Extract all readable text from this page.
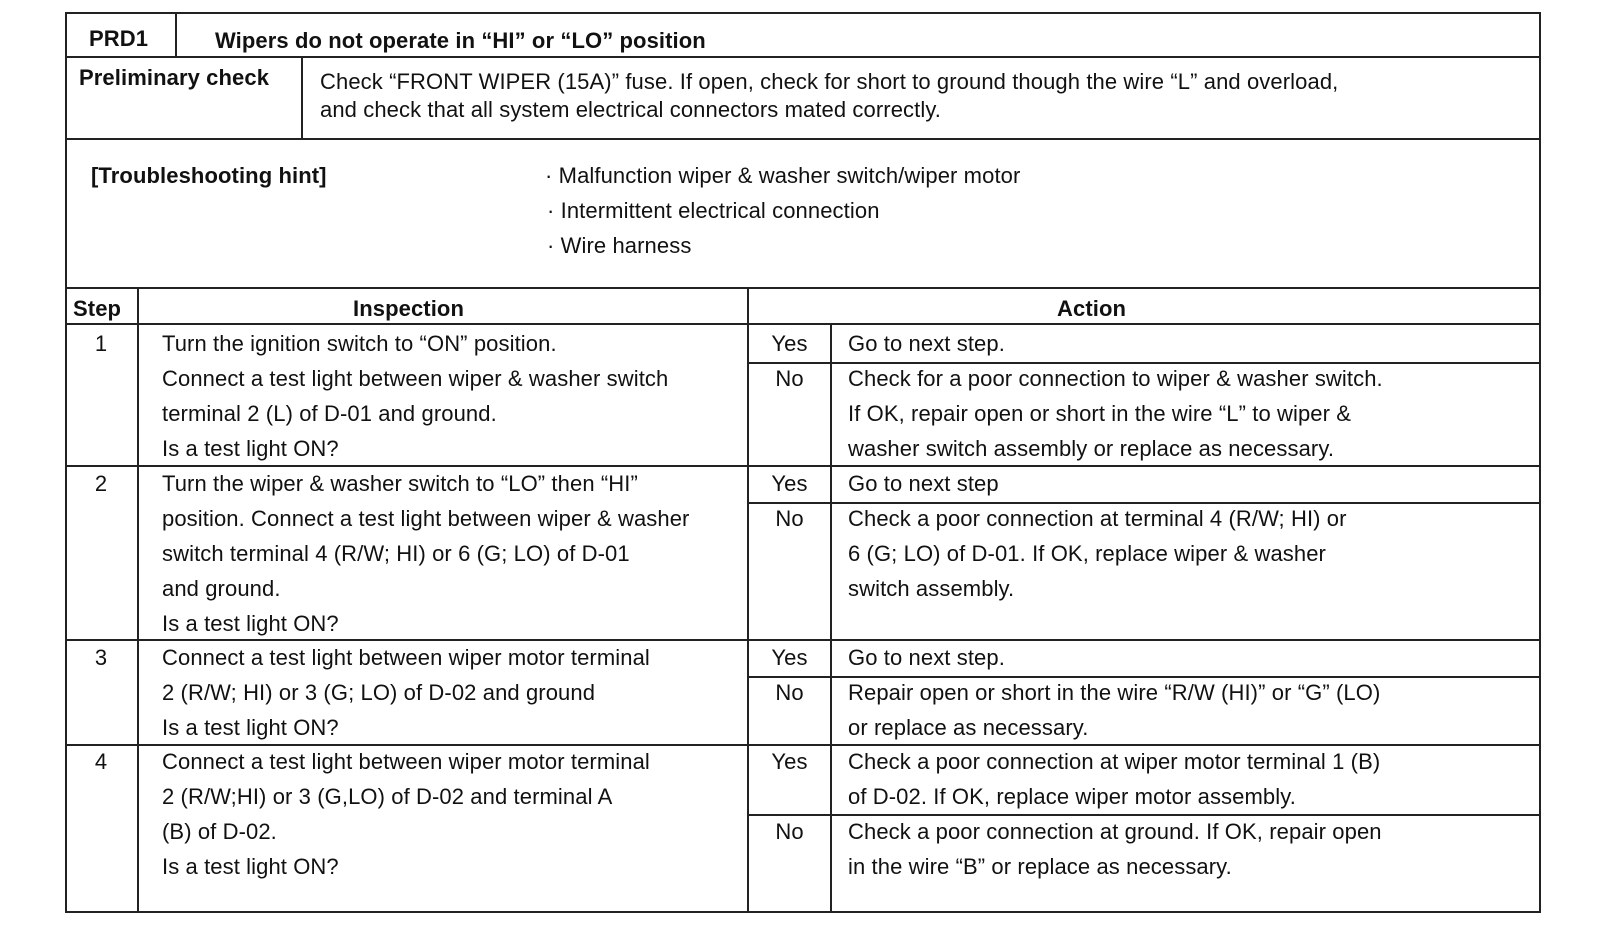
PRD1	Wipers do not operate in “HI” or “LO” position
Preliminary check Check “FRONT WIPER (15A)” fuse. If open, check for short to ground though the wire “L” and overload,
and check that all system electrical connectors mated correctly.
[Troubleshooting hint]	· Malfunction wiper & washer switch/wiper motor
· Intermittent electrical connection
· Wire harness
Step	Inspection	Action
1	Turn the ignition switch to “ON” position.
Connect a test light between wiper & washer switch
terminal 2 (L) of D-01 and ground.
Is a test light ON?
Yes	Go to next step.
No	Check for a poor connection to wiper & washer switch.
If OK, repair open or short in the wire “L” to wiper &
washer switch assembly or replace as necessary.
2	Turn the wiper & washer switch to “LO” then “HI”
position. Connect a test light between wiper & washer
switch terminal 4 (R/W; HI) or 6 (G; LO) of D-01
and ground.
Is a test light ON?
Yes	Go to next step
No	Check a poor connection at terminal 4 (R/W; HI) or
6 (G; LO) of D-01. If OK, replace wiper & washer
switch assembly.
3	Connect a test light between wiper motor terminal
2 (R/W; HI) or 3 (G; LO) of D-02 and ground
Is a test light ON?
Yes	Go to next step.
No	Repair open or short in the wire “R/W (HI)” or “G” (LO)
or replace as necessary.
4	Connect a test light between wiper motor terminal
2 (R/W;HI) or 3 (G,LO) of D-02 and terminal A
(B) of D-02.
Is a test light ON?
Yes	Check a poor connection at wiper motor terminal 1 (B)
of D-02. If OK, replace wiper motor assembly.
No	Check a poor connection at ground. If OK, repair open
in the wire “B” or replace as necessary.
